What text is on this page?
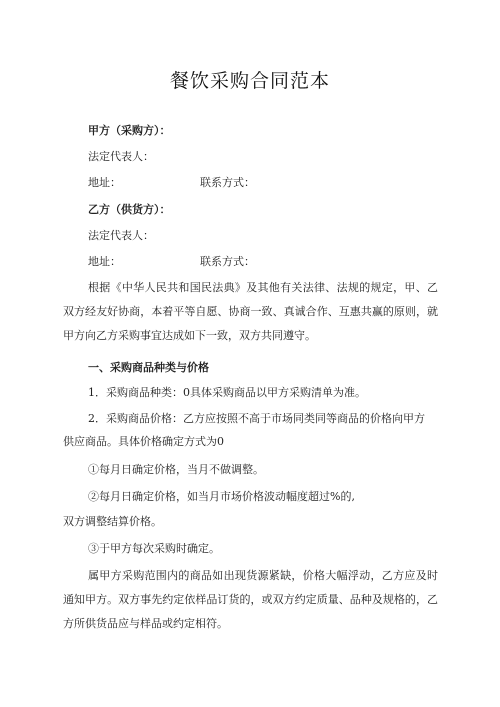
餐饮采购合同范本
甲方（采购方）：
法定代表人：
地址：	联系方式：
乙方（供货方）：
法定代表人：
地址：	联系方式：
根据《中华人民共和国民法典》及其他有关法律、法规的规定，甲、乙双方经友好协商，本着平等自愿、协商一致、真诚合作、互惠共赢的原则，就甲方向乙方采购事宜达成如下一致，双方共同遵守。
一、采购商品种类与价格
1．采购商品种类：0具体采购商品以甲方采购清单为准。
2．采购商品价格：乙方应按照不高于市场同类同等商品的价格向甲方
供应商品。具体价格确定方式为0
①每月日确定价格，当月不做调整。
②每月日确定价格，如当月市场价格波动幅度超过%的,
双方调整结算价格。
③于甲方每次采购时确定。
属甲方采购范围内的商品如出现货源紧缺，价格大幅浮动，乙方应及时通知甲方。双方事先约定依样品订货的，或双方约定质量、品种及规格的，乙方所供货品应与样品或约定相符。
